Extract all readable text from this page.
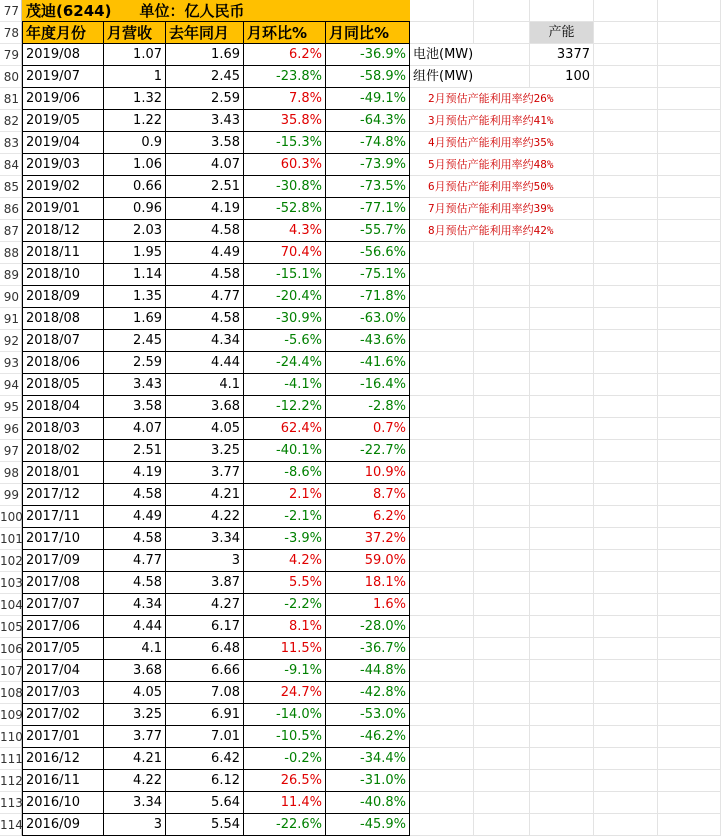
77 茂迪(6244) 单位：亿人民币
78 年度月份	月营收	去年同月	月环比%	月同比%	产能
79 2019/08	1.07	1.69	6.2%	-36.9% 电池(MW)	3377
80 2019/07	1	2.45	-23.8%	-58.9% 组件(MW)	100
81 2019/06	1.32	2.59	7.8%	-49.1%	2月预估产能利用率约26%
82 2019/05	1.22	3.43	35.8%	-64.3%	3月预估产能利用率约41%
83 2019/04	0.9	3.58	-15.3%	-74.8%	4月预估产能利用率约35%
84 2019/03	1.06	4.07	60.3%	-73.9%	5月预估产能利用率约48%
85 2019/02	0.66	2.51	-30.8%	-73.5%	6月预估产能利用率约50%
86 2019/01	0.96	4.19	-52.8%	-77.1%	7月预估产能利用率约39%
87 2018/12	2.03	4.58	4.3%	-55.7%	8月预估产能利用率约42%
88 2018/11	1.95	4.49	70.4%	-56.6%
89 2018/10	1.14	4.58	-15.1%	-75.1%
90 2018/09	1.35	4.77	-20.4%	-71.8%
91 2018/08	1.69	4.58	-30.9%	-63.0%
92 2018/07	2.45	4.34	-5.6%	-43.6%
93 2018/06	2.59	4.44	-24.4%	-41.6%
94 2018/05	3.43	4.1	-4.1%	-16.4%
95 2018/04	3.58	3.68	-12.2%	-2.8%
96 2018/03	4.07	4.05	62.4%	0.7%
97 2018/02	2.51	3.25	-40.1%	-22.7%
98 2018/01	4.19	3.77	-8.6%	10.9%
99 2017/12	4.58	4.21	2.1%	8.7%
100 2017/11	4.49	4.22	-2.1%	6.2%
101 2017/10	4.58	3.34	-3.9%	37.2%
102 2017/09	4.77	3	4.2%	59.0%
103 2017/08	4.58	3.87	5.5%	18.1%
104 2017/07	4.34	4.27	-2.2%	1.6%
105 2017/06	4.44	6.17	8.1%	-28.0%
106 2017/05	4.1	6.48	11.5%	-36.7%
107 2017/04	3.68	6.66	-9.1%	-44.8%
108 2017/03	4.05	7.08	24.7%	-42.8%
109 2017/02	3.25	6.91	-14.0%	-53.0%
110 2017/01	3.77	7.01	-10.5%	-46.2%
111 2016/12	4.21	6.42	-0.2%	-34.4%
112 2016/11	4.22	6.12	26.5%	-31.0%
113 2016/10	3.34	5.64	11.4%	-40.8%
114 2016/09	3	5.54	-22.6%	-45.9%
